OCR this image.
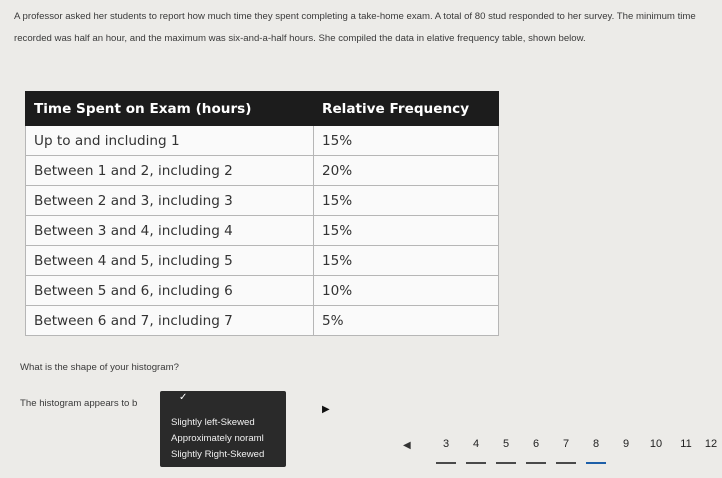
A professor asked her students to report how much time they spent completing a take-home exam. A total of 80 stud responded to her survey. The minimum time recorded was half an hour, and the maximum was six-and-a-half hours. She compiled the data in elative frequency table, shown below.
Time Spent on Exam (hours)	Relative Frequency
Up to and including 1	15%
Between 1 and 2, including 2	20%
Between 2 and 3, including 3	15%
Between 3 and 4, including 4	15%
Between 4 and 5, including 5	15%
Between 5 and 6, including 6	10%
Between 6 and 7, including 7	5%
What is the shape of your histogram?
The histogram appears to b
Slightly left-Skewed
Approximately noraml
Slightly Right-Skewed
✓
▶
◀	3	4	5	6	7	8	9	10	11	12
